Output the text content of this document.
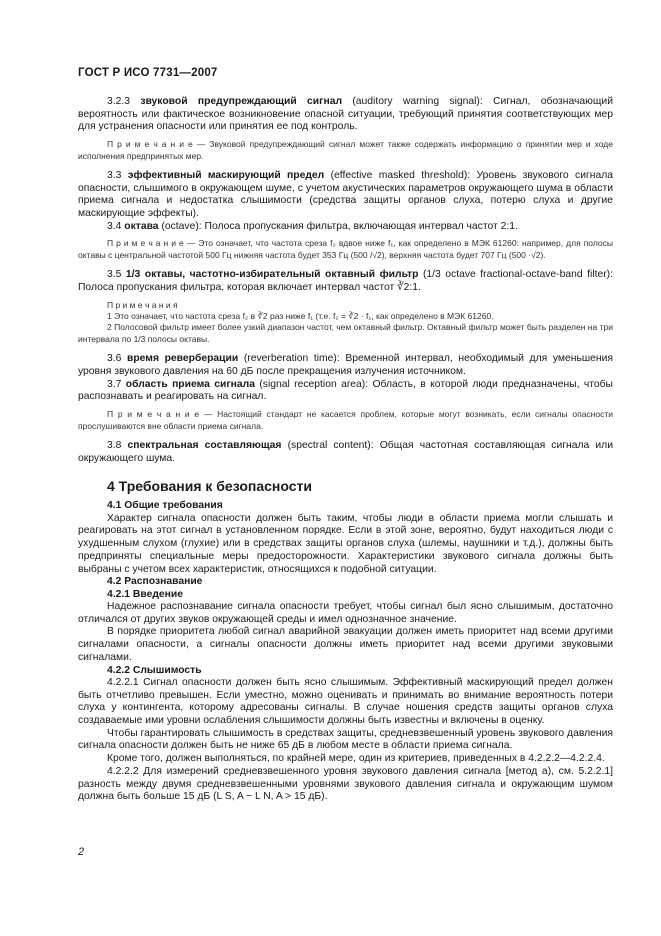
ГОСТ Р ИСО 7731—2007

3.2.3 звуковой предупреждающий сигнал (auditory warning signal): Сигнал, обозначающий вероятность или фактическое возникновение опасной ситуации, требующий принятия соответствующих мер для устранения опасности или принятия ее под контроль.

П р и м е ч а н и е — Звуковой предупреждающий сигнал может также содержать информацию о принятии мер и ходе исполнения предпринятых мер.

3.3 эффективный маскирующий предел (effective masked threshold): Уровень звукового сигнала опасности, слышимого в окружающем шуме, с учетом акустических параметров окружающего шума в области приема сигнала и недостатка слышимости (средства защиты органов слуха, потерю слуха и другие маскирующие эффекты).

3.4 октава (octave): Полоса пропускания фильтра, включающая интервал частот 2:1.

П р и м е ч а н и е — Это означает, что частота среза f₂ вдвое ниже f₁, как определено в МЭК 61260: например, для полосы октавы с центральной частотой 500 Гц нижняя частота будет 353 Гц (500 /√2), верхняя частота будет 707 Гц (500 ·√2).

3.5 1/3 октавы, частотно-избирательный октавный фильтр (1/3 octave fractional-octave-band filter): Полоса пропускания фильтра, которая включает интервал частот ∛2:1.

П р и м е ч а н и я

1 Это означает, что частота среза f₂ в ∛2 раз ниже f₁ (т.е. f₂ = ∛2 · f₁, как определено в МЭК 61260.

2 Полосовой фильтр имеет более узкий диапазон частот, чем октавный фильтр. Октавный фильтр может быть разделен на три интервала по 1/3 полосы октавы.

3.6 время реверберации (reverberation time): Временной интервал, необходимый для уменьшения уровня звукового давления на 60 дБ после прекращения излучения источником.

3.7 область приема сигнала (signal reception area): Область, в которой люди предназначены, чтобы распознавать и реагировать на сигнал.

П р и м е ч а н и е — Настоящий стандарт не касается проблем, которые могут возникать, если сигналы опасности прослушиваются вне области приема сигнала.

3.8 спектральная составляющая (spectral content): Общая частотная составляющая сигнала или окружающего шума.

4 Требования к безопасности
4.1 Общие требования

Характер сигнала опасности должен быть таким, чтобы люди в области приема могли слышать и реагировать на этот сигнал в установленном порядке. Если в этой зоне, вероятно, будут находиться люди с ухудшенным слухом (глухие) или в средствах защиты органов слуха (шлемы, наушники и т.д.), должны быть предприняты специальные меры предосторожности. Характеристики звукового сигнала должны быть выбраны с учетом всех характеристик, относящихся к подобной ситуации.

4.2 Распознавание
4.2.1 Введение

Надежное распознавание сигнала опасности требует, чтобы сигнал был ясно слышимым, достаточно отличался от других звуков окружающей среды и имел однозначное значение.

В порядке приоритета любой сигнал аварийной эвакуации должен иметь приоритет над всеми другими сигналами опасности, а сигналы опасности должны иметь приоритет над всеми другими звуковыми сигналами.

4.2.2 Слышимость

4.2.2.1 Сигнал опасности должен быть ясно слышимым. Эффективный маскирующий предел должен быть отчетливо превышен. Если уместно, можно оценивать и принимать во внимание вероятность потери слуха у контингента, которому адресованы сигналы. В случае ношения средств защиты органов слуха создаваемые ими уровни ослабления слышимости должны быть известны и включены в оценку.

Чтобы гарантировать слышимость в средствах защиты, средневзвешенный уровень звукового давления сигнала опасности должен быть не ниже 65 дБ в любом месте в области приема сигнала.

Кроме того, должен выполняться, по крайней мере, один из критериев, приведенных в 4.2.2.2—4.2.2.4.

4.2.2.2 Для измерений средневзвешенного уровня звукового давления сигнала [метод а), см. 5.2.2.1] разность между двумя средневзвешенными уровнями звукового давления сигнала и окружающим шумом должна быть больше 15 дБ (L S, A − L N, A > 15 дБ).

2
